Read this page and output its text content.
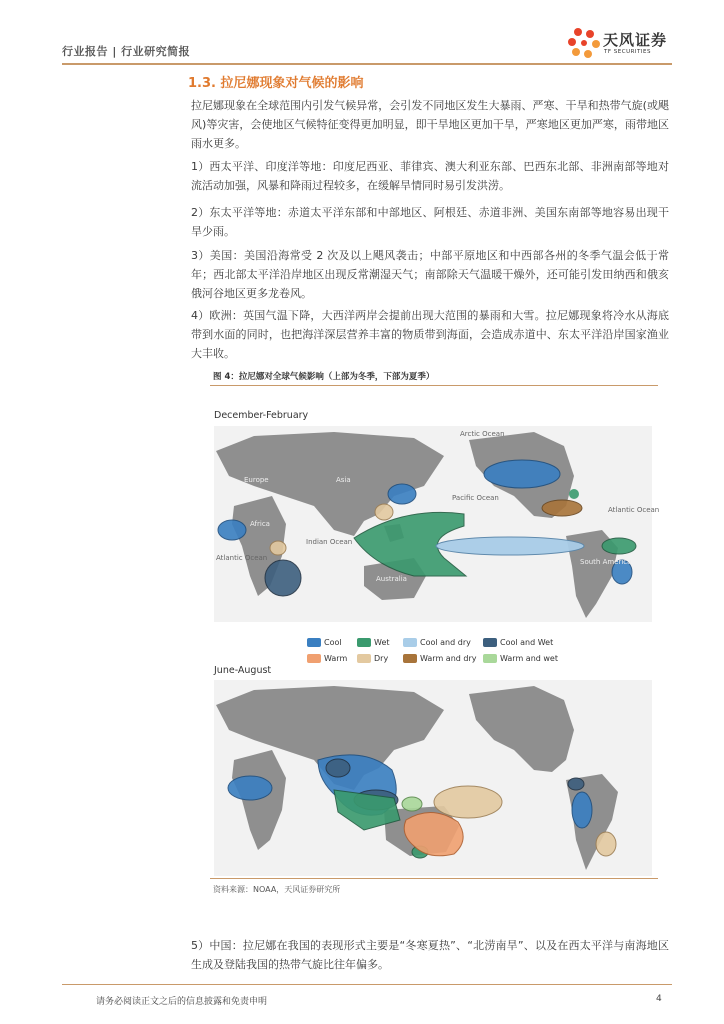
行业报告 | 行业研究简报
天风证券
TF SECURITIES
1.3. 拉尼娜现象对气候的影响

拉尼娜现象在全球范围内引发气候异常，会引发不同地区发生大暴雨、严寒、干旱和热带气旋(或飓风)等灾害，会使地区气候特征变得更加明显，即干旱地区更加干旱，严寒地区更加严寒，雨带地区雨水更多。

1）西太平洋、印度洋等地：印度尼西亚、菲律宾、澳大利亚东部、巴西东北部、非洲南部等地对流活动加强，风暴和降雨过程较多，在缓解旱情同时易引发洪涝。

2）东太平洋等地：赤道太平洋东部和中部地区、阿根廷、赤道非洲、美国东南部等地容易出现干旱少雨。

3）美国：美国沿海常受 2 次及以上飓风袭击；中部平原地区和中西部各州的冬季气温会低于常年；西北部太平洋沿岸地区出现反常潮湿天气；南部除天气温暖干燥外，还可能引发田纳西和俄亥俄河谷地区更多龙卷风。

4）欧洲：英国气温下降，大西洋两岸会提前出现大范围的暴雨和大雪。拉尼娜现象将冷水从海底带到水面的同时，也把海洋深层营养丰富的物质带到海面，会造成赤道中、东太平洋沿岸国家渔业大丰收。

图 4：拉尼娜对全球气候影响（上部为冬季，下部为夏季）
December-February
Arctic Ocean
Europe	Asia
Africa
Indian Ocean
Pacific Ocean
Atlantic Ocean
Atlantic Ocean
Australia
South America
Cool	Wet	Cool and dry	Cool and Wet
Warm	Dry	Warm and dry	Warm and wet
June-August
资料来源：NOAA，天风证券研究所

5）中国：拉尼娜在我国的表现形式主要是“冬寒夏热”、“北涝南旱”、以及在西太平洋与南海地区生成及登陆我国的热带气旋比往年偏多。

请务必阅读正文之后的信息披露和免责申明	4
